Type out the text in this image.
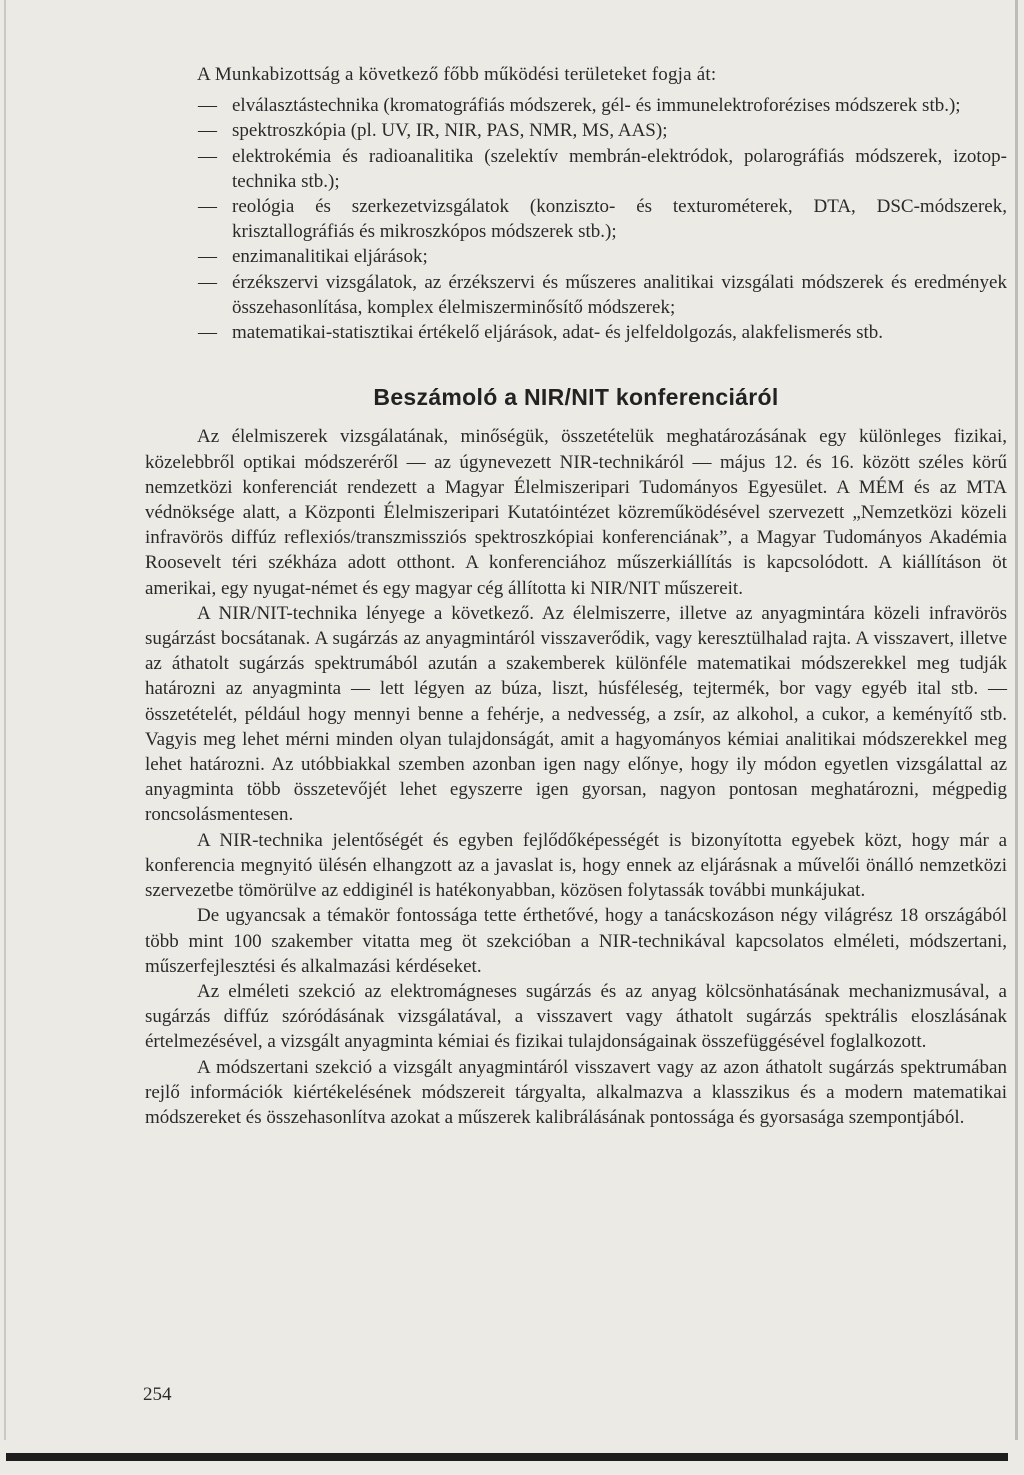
A Munkabizottság a következő főbb működési területeket fogja át:

— elválasztástechnika (kromatográfiás módszerek, gél- és immunelektroforézises módszerek stb.);
— spektroszkópia (pl. UV, IR, NIR, PAS, NMR, MS, AAS);
— elektrokémia és radioanalitika (szelektív membrán-elektródok, polarográfiás módszerek, izotop-technika stb.);
— reológia és szerkezetvizsgálatok (konziszto- és texturométerek, DTA, DSC-módszerek, krisztallográfiás és mikroszkópos módszerek stb.);
— enzimanalitikai eljárások;
— érzékszervi vizsgálatok, az érzékszervi és műszeres analitikai vizsgálati módszerek és eredmények összehasonlítása, komplex élelmiszerminősítő módszerek;
— matematikai-statisztikai értékelő eljárások, adat- és jelfeldolgozás, alakfelismerés stb.
Beszámoló a NIR/NIT konferenciáról

Az élelmiszerek vizsgálatának, minőségük, összetételük meghatározásának egy különleges fizikai, közelebbről optikai módszeréről — az úgynevezett NIR-technikáról — május 12. és 16. között széles körű nemzetközi konferenciát rendezett a Magyar Élelmiszeripari Tudományos Egyesület. A MÉM és az MTA védnöksége alatt, a Központi Élelmiszeripari Kutatóintézet közreműködésével szervezett „Nemzetközi közeli infravörös diffúz reflexiós/transzmissziós spektroszkópiai konferenciának”, a Magyar Tudományos Akadémia Roosevelt téri székháza adott otthont. A konferenciához műszerkiállítás is kapcsolódott. A kiállításon öt amerikai, egy nyugat-német és egy magyar cég állította ki NIR/NIT műszereit.

A NIR/NIT-technika lényege a következő. Az élelmiszerre, illetve az anyagmintára közeli infravörös sugárzást bocsátanak. A sugárzás az anyagmintáról visszaverődik, vagy keresztülhalad rajta. A visszavert, illetve az áthatolt sugárzás spektrumából azután a szakemberek különféle matematikai módszerekkel meg tudják határozni az anyagminta — lett légyen az búza, liszt, húsféleség, tejtermék, bor vagy egyéb ital stb. — összetételét, például hogy mennyi benne a fehérje, a nedvesség, a zsír, az alkohol, a cukor, a keményítő stb. Vagyis meg lehet mérni minden olyan tulajdonságát, amit a hagyományos kémiai analitikai módszerekkel meg lehet határozni. Az utóbbiakkal szemben azonban igen nagy előnye, hogy ily módon egyetlen vizsgálattal az anyagminta több összetevőjét lehet egyszerre igen gyorsan, nagyon pontosan meghatározni, mégpedig roncsolásmentesen.

A NIR-technika jelentőségét és egyben fejlődőképességét is bizonyította egyebek közt, hogy már a konferencia megnyitó ülésén elhangzott az a javaslat is, hogy ennek az eljárásnak a művelői önálló nemzetközi szervezetbe tömörülve az eddiginél is hatékonyabban, közösen folytassák további munkájukat.

De ugyancsak a témakör fontossága tette érthetővé, hogy a tanácskozáson négy világrész 18 országából több mint 100 szakember vitatta meg öt szekcióban a NIR-technikával kapcsolatos elméleti, módszertani, műszerfejlesztési és alkalmazási kérdéseket.

Az elméleti szekció az elektromágneses sugárzás és az anyag kölcsönhatásának mechanizmusával, a sugárzás diffúz szóródásának vizsgálatával, a visszavert vagy áthatolt sugárzás spektrális eloszlásának értelmezésével, a vizsgált anyagminta kémiai és fizikai tulajdonságainak összefüggésével foglalkozott.

A módszertani szekció a vizsgált anyagmintáról visszavert vagy az azon áthatolt sugárzás spektrumában rejlő információk kiértékelésének módszereit tárgyalta, alkalmazva a klasszikus és a modern matematikai módszereket és összehasonlítva azokat a műszerek kalibrálásának pontossága és gyorsasága szempontjából.

254
